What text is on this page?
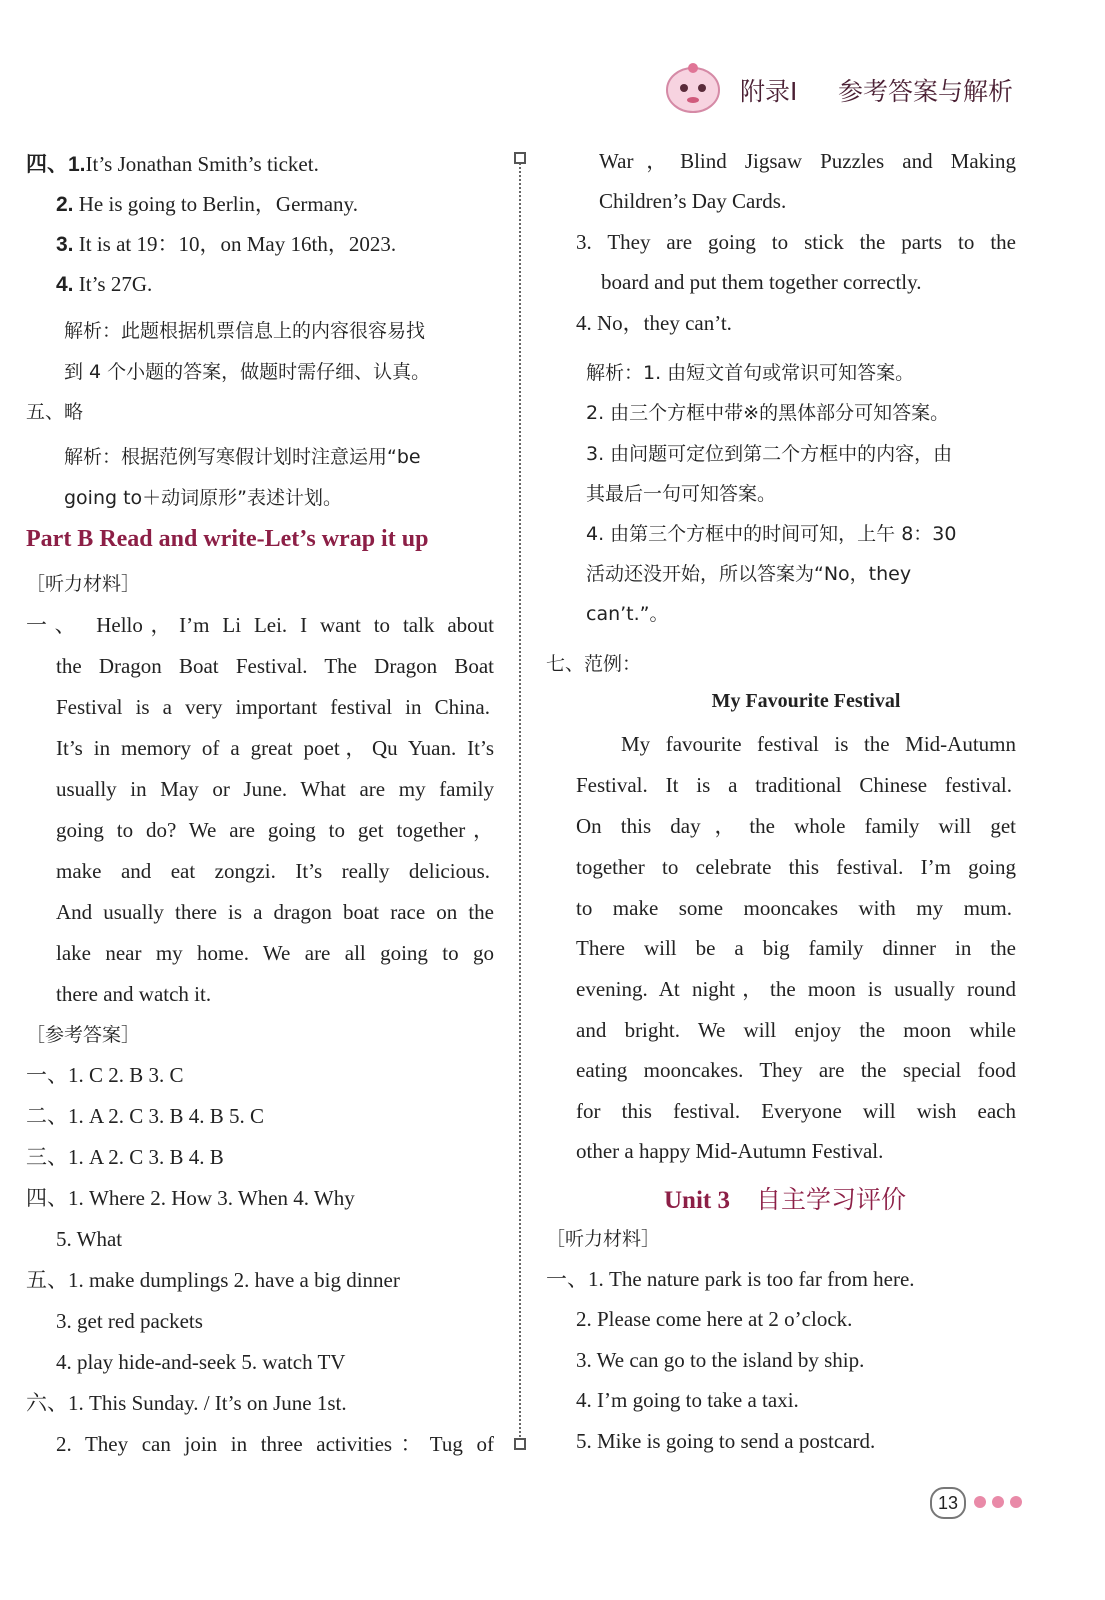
附录Ⅰ 参考答案与解析
四、1.It’s Jonathan Smith’s ticket.
2. He is going to Berlin，Germany.
3. It is at 19：10，on May 16th，2023.
4. It’s 27G.
解析：此题根据机票信息上的内容很容易找
到 4 个小题的答案，做题时需仔细、认真。
五、略
解析：根据范例写寒假计划时注意运用“be
going to＋动词原形”表述计划。
Part B Read and write-Let’s wrap it up
［听力材料］
一、 Hello，I’m Li Lei. I want to talk about
the Dragon Boat Festival. The Dragon Boat
Festival is a very important festival in China.
It’s in memory of a great poet，Qu Yuan. It’s
usually in May or June. What are my family
going to do? We are going to get together，
make and eat zongzi. It’s really delicious.
And usually there is a dragon boat race on the
lake near my home. We are all going to go
there and watch it.
［参考答案］
一、1. C 2. B 3. C
二、1. A 2. C 3. B 4. B 5. C
三、1. A 2. C 3. B 4. B
四、1. Where 2. How 3. When 4. Why
5. What
五、1. make dumplings 2. have a big dinner
3. get red packets
4. play hide-and-seek 5. watch TV
六、1. This Sunday. / It’s on June 1st.
2. They can join in three activities：Tug of
War，Blind Jigsaw Puzzles and Making
Children’s Day Cards.
3. They are going to stick the parts to the
board and put them together correctly.
4. No，they can’t.
解析：1. 由短文首句或常识可知答案。
2. 由三个方框中带※的黑体部分可知答案。
3. 由问题可定位到第二个方框中的内容，由
其最后一句可知答案。
4. 由第三个方框中的时间可知，上午 8：30
活动还没开始，所以答案为“No，they
can’t.”。
七、范例：
My Favourite Festival
My favourite festival is the Mid-Autumn
Festival. It is a traditional Chinese festival.
On this day，the whole family will get
together to celebrate this festival. I’m going
to make some mooncakes with my mum.
There will be a big family dinner in the
evening. At night，the moon is usually round
and bright. We will enjoy the moon while
eating mooncakes. They are the special food
for this festival. Everyone will wish each
other a happy Mid-Autumn Festival.
Unit 3 自主学习评价
［听力材料］
一、1. The nature park is too far from here.
2. Please come here at 2 o’clock.
3. We can go to the island by ship.
4. I’m going to take a taxi.
5. Mike is going to send a postcard.
13
